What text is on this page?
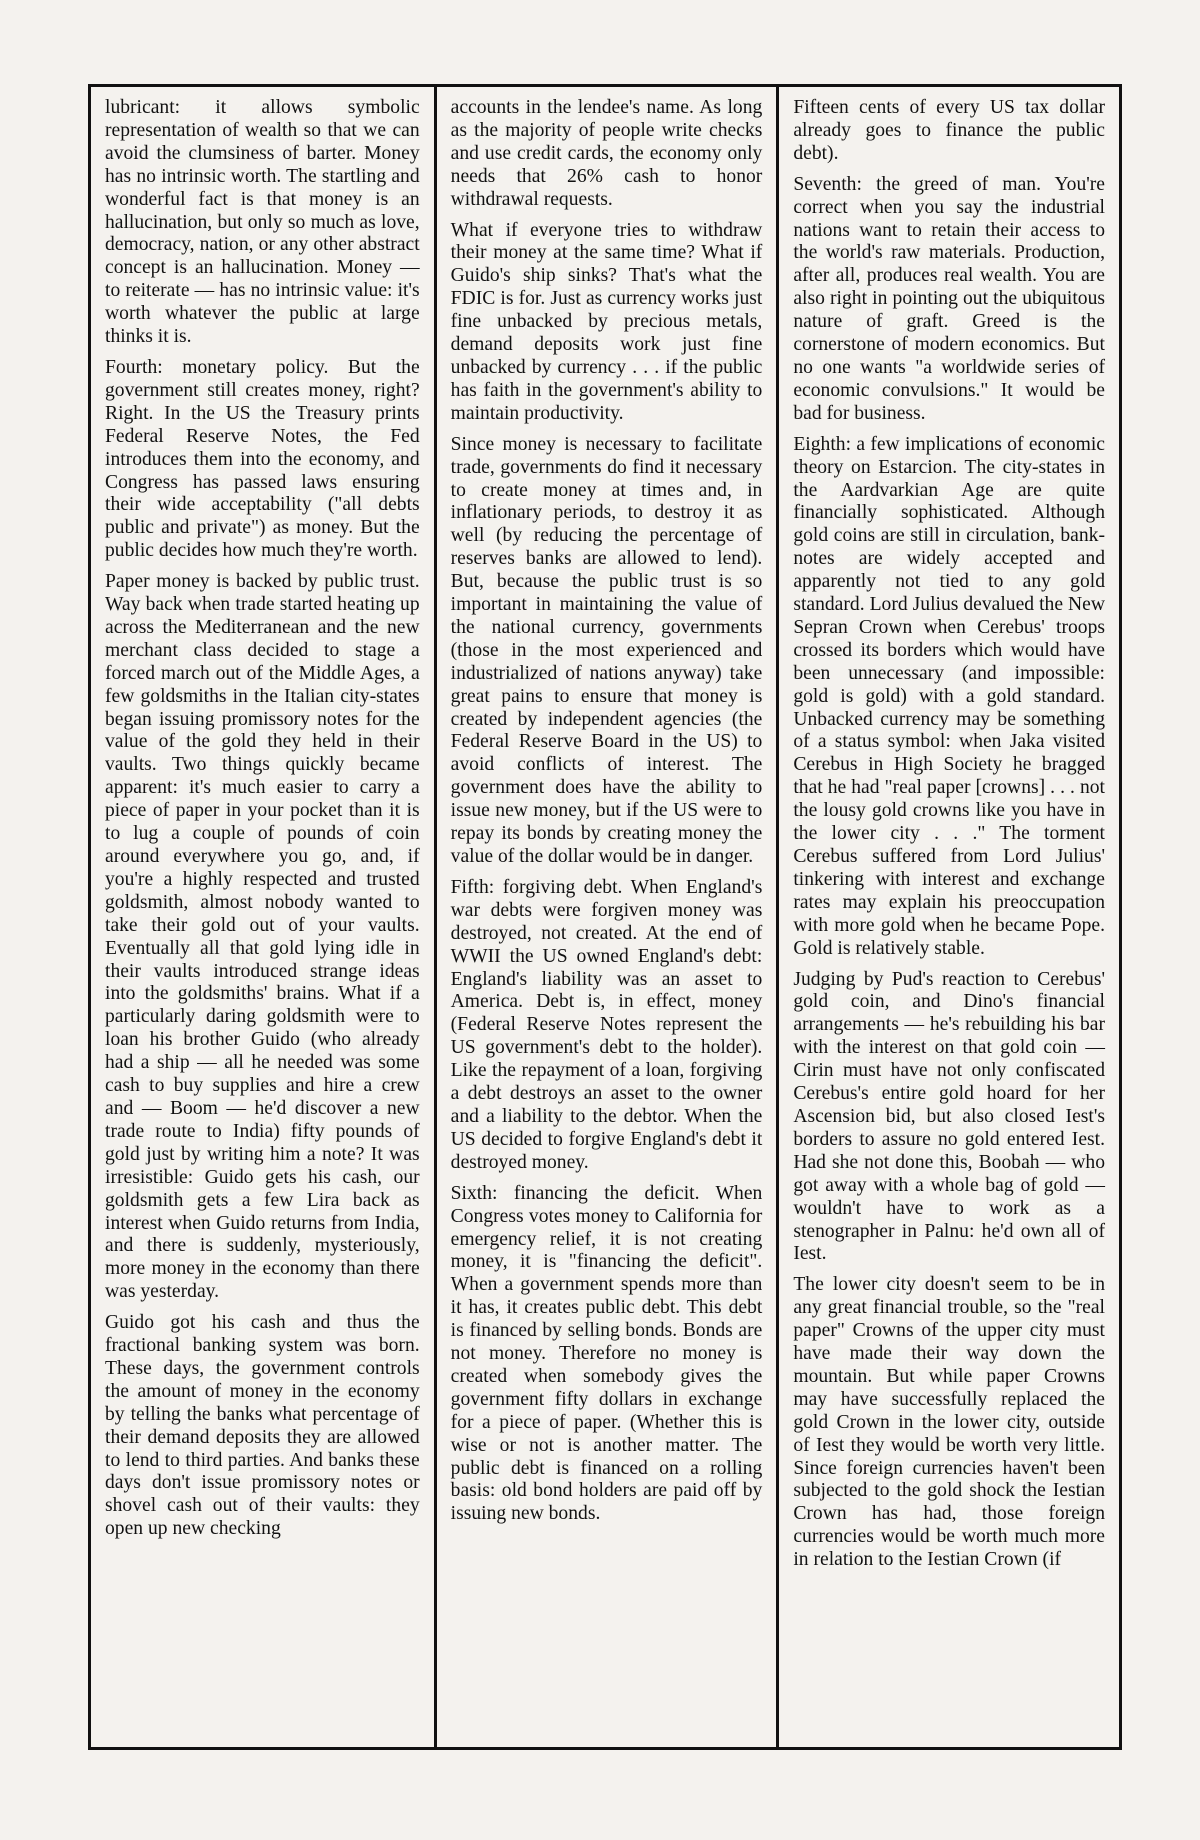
lubricant: it allows symbolic representation of wealth so that we can avoid the clumsiness of barter. Money has no intrinsic worth. The startling and wonderful fact is that money is an hallucination, but only so much as love, democracy, nation, or any other abstract concept is an hallucination. Money — to reiterate — has no intrinsic value: it's worth whatever the public at large thinks it is.

Fourth: monetary policy. But the government still creates money, right? Right. In the US the Treasury prints Federal Reserve Notes, the Fed introduces them into the economy, and Congress has passed laws ensuring their wide acceptability ("all debts public and private") as money. But the public decides how much they're worth.

Paper money is backed by public trust. Way back when trade started heating up across the Mediterranean and the new merchant class decided to stage a forced march out of the Middle Ages, a few goldsmiths in the Italian city-states began issuing promissory notes for the value of the gold they held in their vaults. Two things quickly became apparent: it's much easier to carry a piece of paper in your pocket than it is to lug a couple of pounds of coin around everywhere you go, and, if you're a highly respected and trusted goldsmith, almost nobody wanted to take their gold out of your vaults. Eventually all that gold lying idle in their vaults introduced strange ideas into the goldsmiths' brains. What if a particularly daring goldsmith were to loan his brother Guido (who already had a ship — all he needed was some cash to buy supplies and hire a crew and — Boom — he'd discover a new trade route to India) fifty pounds of gold just by writing him a note? It was irresistible: Guido gets his cash, our goldsmith gets a few Lira back as interest when Guido returns from India, and there is suddenly, mysteriously, more money in the economy than there was yesterday.

Guido got his cash and thus the fractional banking system was born. These days, the government controls the amount of money in the economy by telling the banks what percentage of their demand deposits they are allowed to lend to third parties. And banks these days don't issue promissory notes or shovel cash out of their vaults: they open up new checking

accounts in the lendee's name. As long as the majority of people write checks and use credit cards, the economy only needs that 26% cash to honor withdrawal requests.

What if everyone tries to withdraw their money at the same time? What if Guido's ship sinks? That's what the FDIC is for. Just as currency works just fine unbacked by precious metals, demand deposits work just fine unbacked by currency . . . if the public has faith in the government's ability to maintain productivity.

Since money is necessary to facilitate trade, governments do find it necessary to create money at times and, in inflationary periods, to destroy it as well (by reducing the percentage of reserves banks are allowed to lend). But, because the public trust is so important in maintaining the value of the national currency, governments (those in the most experienced and industrialized of nations anyway) take great pains to ensure that money is created by independent agencies (the Federal Reserve Board in the US) to avoid conflicts of interest. The government does have the ability to issue new money, but if the US were to repay its bonds by creating money the value of the dollar would be in danger.

Fifth: forgiving debt. When England's war debts were forgiven money was destroyed, not created. At the end of WWII the US owned England's debt: England's liability was an asset to America. Debt is, in effect, money (Federal Reserve Notes represent the US government's debt to the holder). Like the repayment of a loan, forgiving a debt destroys an asset to the owner and a liability to the debtor. When the US decided to forgive England's debt it destroyed money.

Sixth: financing the deficit. When Congress votes money to California for emergency relief, it is not creating money, it is "financing the deficit". When a government spends more than it has, it creates public debt. This debt is financed by selling bonds. Bonds are not money. Therefore no money is created when somebody gives the government fifty dollars in exchange for a piece of paper. (Whether this is wise or not is another matter. The public debt is financed on a rolling basis: old bond holders are paid off by issuing new bonds.

Fifteen cents of every US tax dollar already goes to finance the public debt).

Seventh: the greed of man. You're correct when you say the industrial nations want to retain their access to the world's raw materials. Production, after all, produces real wealth. You are also right in pointing out the ubiquitous nature of graft. Greed is the cornerstone of modern economics. But no one wants "a worldwide series of economic convulsions." It would be bad for business.

Eighth: a few implications of economic theory on Estarcion. The city-states in the Aardvarkian Age are quite financially sophisticated. Although gold coins are still in circulation, bank-notes are widely accepted and apparently not tied to any gold standard. Lord Julius devalued the New Sepran Crown when Cerebus' troops crossed its borders which would have been unnecessary (and impossible: gold is gold) with a gold standard. Unbacked currency may be something of a status symbol: when Jaka visited Cerebus in High Society he bragged that he had "real paper [crowns] . . . not the lousy gold crowns like you have in the lower city . . ." The torment Cerebus suffered from Lord Julius' tinkering with interest and exchange rates may explain his preoccupation with more gold when he became Pope. Gold is relatively stable.

Judging by Pud's reaction to Cerebus' gold coin, and Dino's financial arrangements — he's rebuilding his bar with the interest on that gold coin — Cirin must have not only confiscated Cerebus's entire gold hoard for her Ascension bid, but also closed Iest's borders to assure no gold entered Iest. Had she not done this, Boobah — who got away with a whole bag of gold — wouldn't have to work as a stenographer in Palnu: he'd own all of Iest.

The lower city doesn't seem to be in any great financial trouble, so the "real paper" Crowns of the upper city must have made their way down the mountain. But while paper Crowns may have successfully replaced the gold Crown in the lower city, outside of Iest they would be worth very little. Since foreign currencies haven't been subjected to the gold shock the Iestian Crown has had, those foreign currencies would be worth much more in relation to the Iestian Crown (if
